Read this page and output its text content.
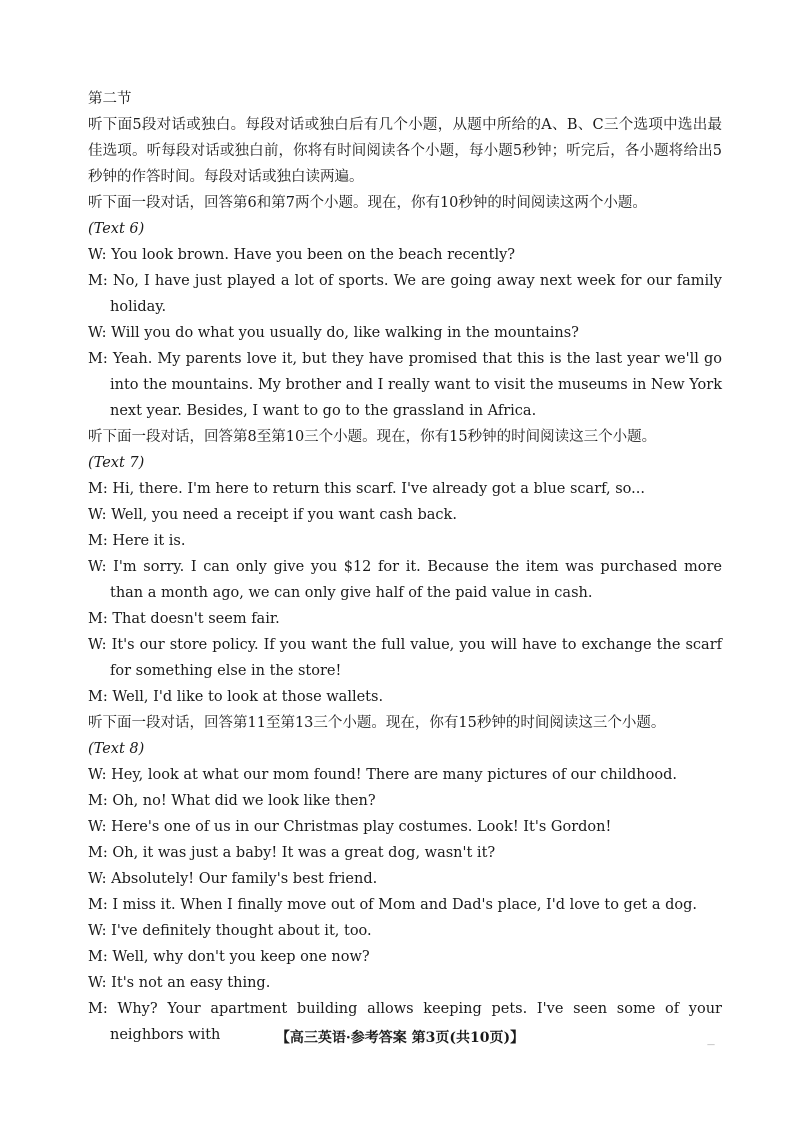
第二节
听下面5段对话或独白。每段对话或独白后有几个小题，从题中所给的A、B、C三个选项中选出最佳选项。听每段对话或独白前，你将有时间阅读各个小题，每小题5秒钟；听完后，各小题将给出5秒钟的作答时间。每段对话或独白读两遍。
听下面一段对话，回答第6和第7两个小题。现在，你有10秒钟的时间阅读这两个小题。
(Text 6)
W: You look brown. Have you been on the beach recently?
M: No, I have just played a lot of sports. We are going away next week for our family holiday.
W: Will you do what you usually do, like walking in the mountains?
M: Yeah. My parents love it, but they have promised that this is the last year we'll go into the mountains. My brother and I really want to visit the museums in New York next year. Besides, I want to go to the grassland in Africa.
听下面一段对话，回答第8至第10三个小题。现在，你有15秒钟的时间阅读这三个小题。
(Text 7)
M: Hi, there. I'm here to return this scarf. I've already got a blue scarf, so...
W: Well, you need a receipt if you want cash back.
M: Here it is.
W: I'm sorry. I can only give you $12 for it. Because the item was purchased more than a month ago, we can only give half of the paid value in cash.
M: That doesn't seem fair.
W: It's our store policy. If you want the full value, you will have to exchange the scarf for something else in the store!
M: Well, I'd like to look at those wallets.
听下面一段对话，回答第11至第13三个小题。现在，你有15秒钟的时间阅读这三个小题。
(Text 8)
W: Hey, look at what our mom found! There are many pictures of our childhood.
M: Oh, no! What did we look like then?
W: Here's one of us in our Christmas play costumes. Look! It's Gordon!
M: Oh, it was just a baby! It was a great dog, wasn't it?
W: Absolutely! Our family's best friend.
M: I miss it. When I finally move out of Mom and Dad's place, I'd love to get a dog.
W: I've definitely thought about it, too.
M: Well, why don't you keep one now?
W: It's not an easy thing.
M: Why? Your apartment building allows keeping pets. I've seen some of your neighbors with	【高三英语·参考答案 第3页(共10页)】	—
